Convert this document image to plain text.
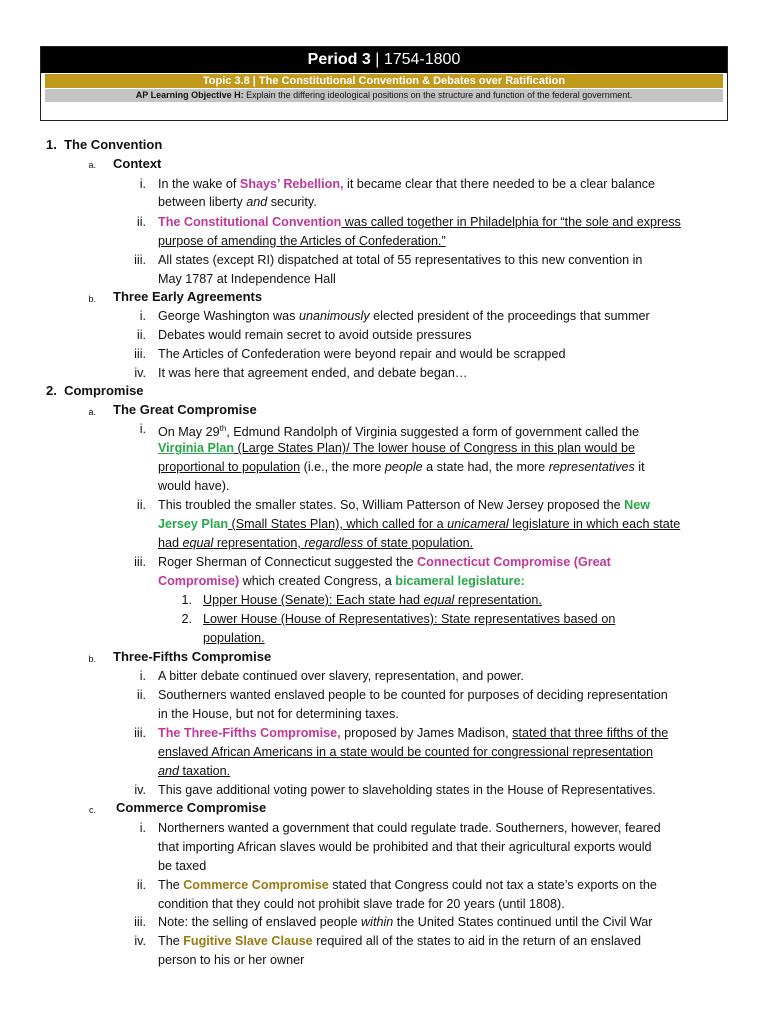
Period 3 | 1754-1800
Topic 3.8 | The Constitutional Convention & Debates over Ratification
AP Learning Objective H: Explain the differing ideological positions on the structure and function of the federal government.
1. The Convention
a. Context
i. In the wake of Shays’ Rebellion, it became clear that there needed to be a clear balance
between liberty and security.
ii. The Constitutional Convention was called together in Philadelphia for “the sole and express
purpose of amending the Articles of Confederation.”
iii. All states (except RI) dispatched at total of 55 representatives to this new convention in
May 1787 at Independence Hall
b. Three Early Agreements
i. George Washington was unanimously elected president of the proceedings that summer
ii. Debates would remain secret to avoid outside pressures
iii. The Articles of Confederation were beyond repair and would be scrapped
iv. It was here that agreement ended, and debate began…
2. Compromise
a. The Great Compromise
i. On May 29th, Edmund Randolph of Virginia suggested a form of government called the
Virginia Plan (Large States Plan)/ The lower house of Congress in this plan would be
proportional to population (i.e., the more people a state had, the more representatives it
would have).
ii. This troubled the smaller states. So, William Patterson of New Jersey proposed the New
Jersey Plan (Small States Plan), which called for a unicameral legislature in which each state
had equal representation, regardless of state population.
iii. Roger Sherman of Connecticut suggested the Connecticut Compromise (Great
Compromise) which created Congress, a bicameral legislature:
1. Upper House (Senate): Each state had equal representation.
2. Lower House (House of Representatives): State representatives based on
population.
b. Three-Fifths Compromise
i. A bitter debate continued over slavery, representation, and power.
ii. Southerners wanted enslaved people to be counted for purposes of deciding representation
in the House, but not for determining taxes.
iii. The Three-Fifths Compromise, proposed by James Madison, stated that three fifths of the
enslaved African Americans in a state would be counted for congressional representation
and taxation.
iv. This gave additional voting power to slaveholding states in the House of Representatives.
c. Commerce Compromise
i. Northerners wanted a government that could regulate trade. Southerners, however, feared
that importing African slaves would be prohibited and that their agricultural exports would
be taxed
ii. The Commerce Compromise stated that Congress could not tax a state’s exports on the
condition that they could not prohibit slave trade for 20 years (until 1808).
iii. Note: the selling of enslaved people within the United States continued until the Civil War
iv. The Fugitive Slave Clause required all of the states to aid in the return of an enslaved
person to his or her owner
